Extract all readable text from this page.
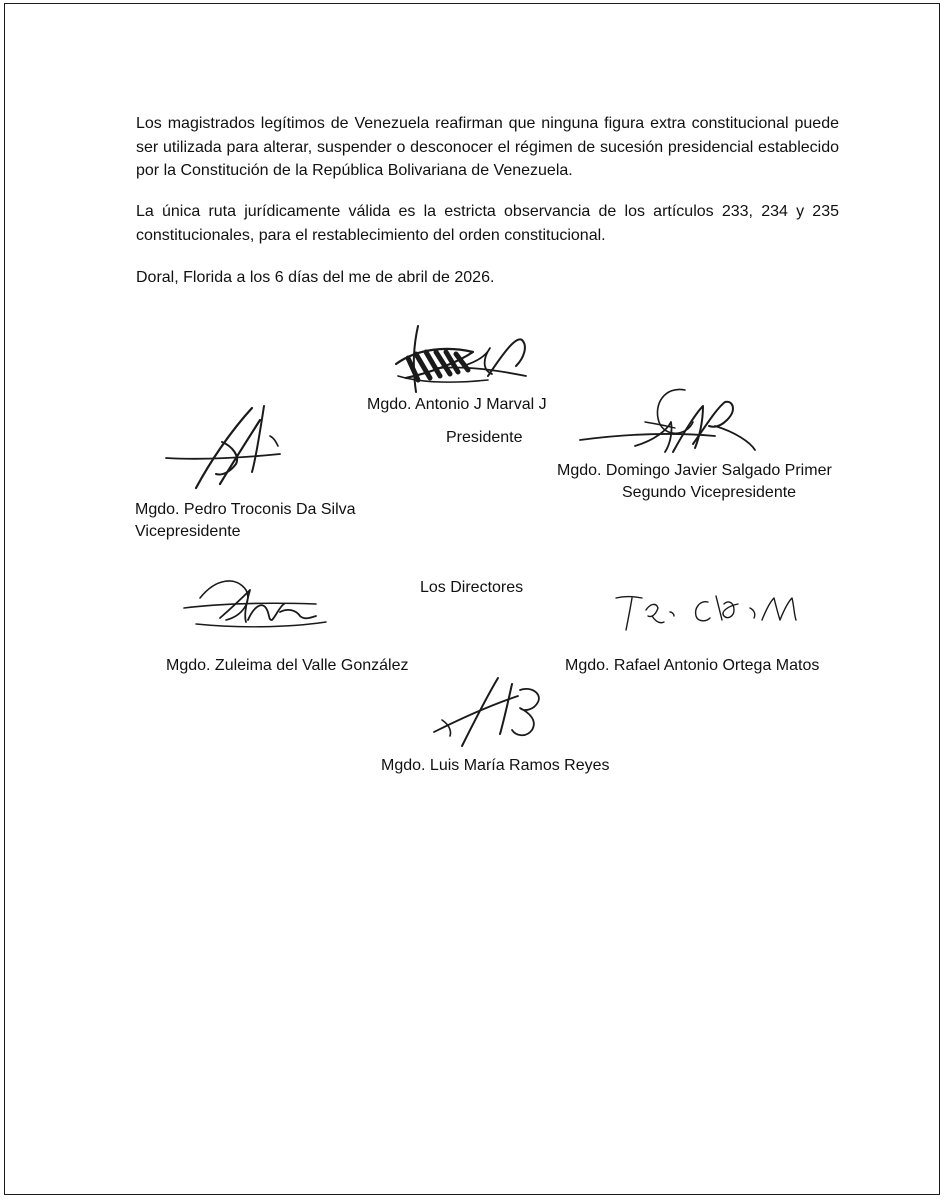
Los magistrados legítimos de Venezuela reafirman que ninguna figura extra constitucional puede ser utilizada para alterar, suspender o desconocer el régimen de sucesión presidencial establecido por la Constitución de la República Bolivariana de Venezuela.

La única ruta jurídicamente válida es la estricta observancia de los artículos 233, 234 y 235 constitucionales, para el restablecimiento del orden constitucional.

Doral, Florida a los 6 días del me de abril de 2026.

Mgdo. Antonio J Marval J

Presidente

Mgdo. Domingo Javier Salgado Primer

Segundo Vicepresidente

Mgdo. Pedro Troconis Da Silva

Vicepresidente

Los Directores

Mgdo. Zuleima del Valle González	Mgdo. Rafael Antonio Ortega Matos

Mgdo. Luis María Ramos Reyes
